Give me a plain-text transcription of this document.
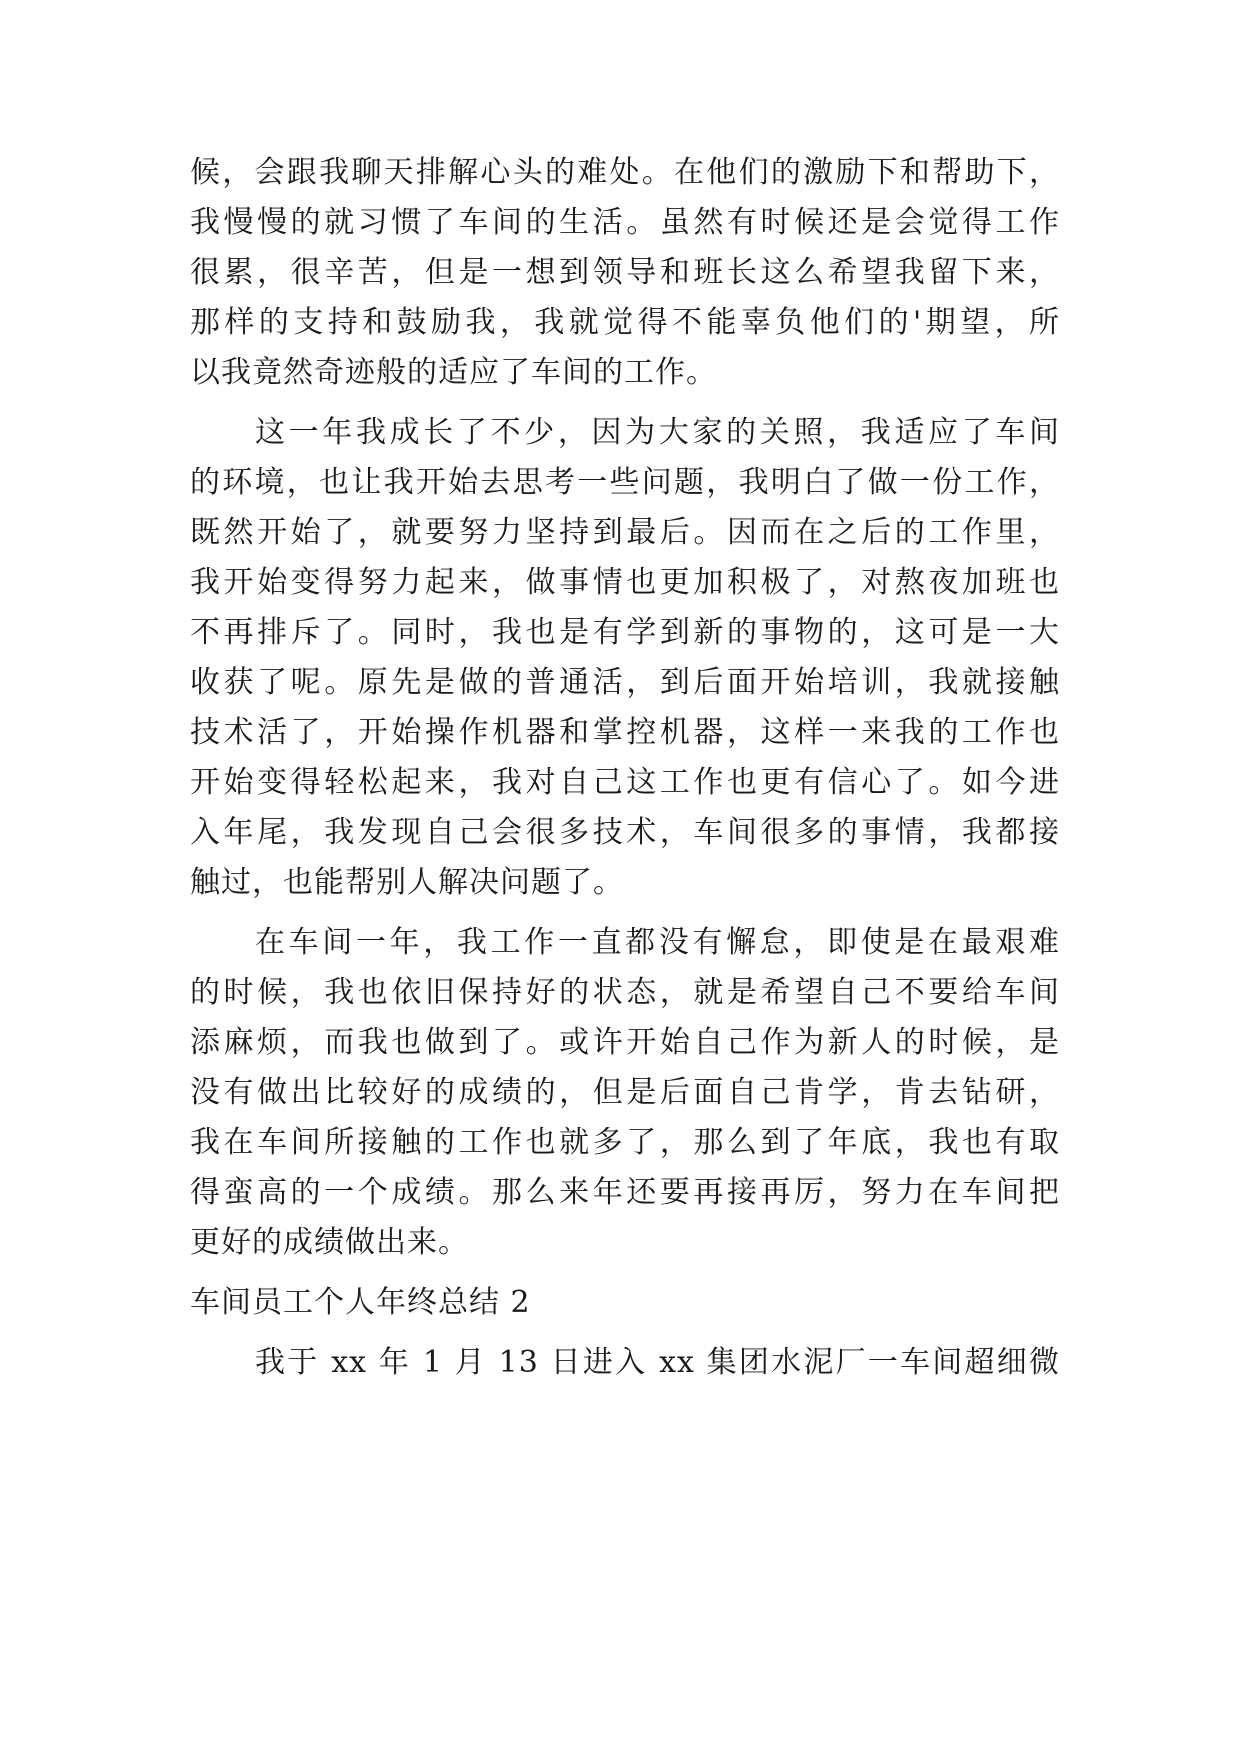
候，会跟我聊天排解心头的难处。在他们的激励下和帮助下，
我慢慢的就习惯了车间的生活。虽然有时候还是会觉得工作
很累，很辛苦，但是一想到领导和班长这么希望我留下来，
那样的支持和鼓励我，我就觉得不能辜负他们的'期望，所
以我竟然奇迹般的适应了车间的工作。
这一年我成长了不少，因为大家的关照，我适应了车间
的环境，也让我开始去思考一些问题，我明白了做一份工作，
既然开始了，就要努力坚持到最后。因而在之后的工作里，
我开始变得努力起来，做事情也更加积极了，对熬夜加班也
不再排斥了。同时，我也是有学到新的事物的，这可是一大
收获了呢。原先是做的普通活，到后面开始培训，我就接触
技术活了，开始操作机器和掌控机器，这样一来我的工作也
开始变得轻松起来，我对自己这工作也更有信心了。如今进
入年尾，我发现自己会很多技术，车间很多的事情，我都接
触过，也能帮别人解决问题了。
在车间一年，我工作一直都没有懈怠，即使是在最艰难
的时候，我也依旧保持好的状态，就是希望自己不要给车间
添麻烦，而我也做到了。或许开始自己作为新人的时候，是
没有做出比较好的成绩的，但是后面自己肯学，肯去钻研，
我在车间所接触的工作也就多了，那么到了年底，我也有取
得蛮高的一个成绩。那么来年还要再接再厉，努力在车间把
更好的成绩做出来。
车间员工个人年终总结 2
我于 xx 年 1 月 13 日进入 xx 集团水泥厂一车间超细微
